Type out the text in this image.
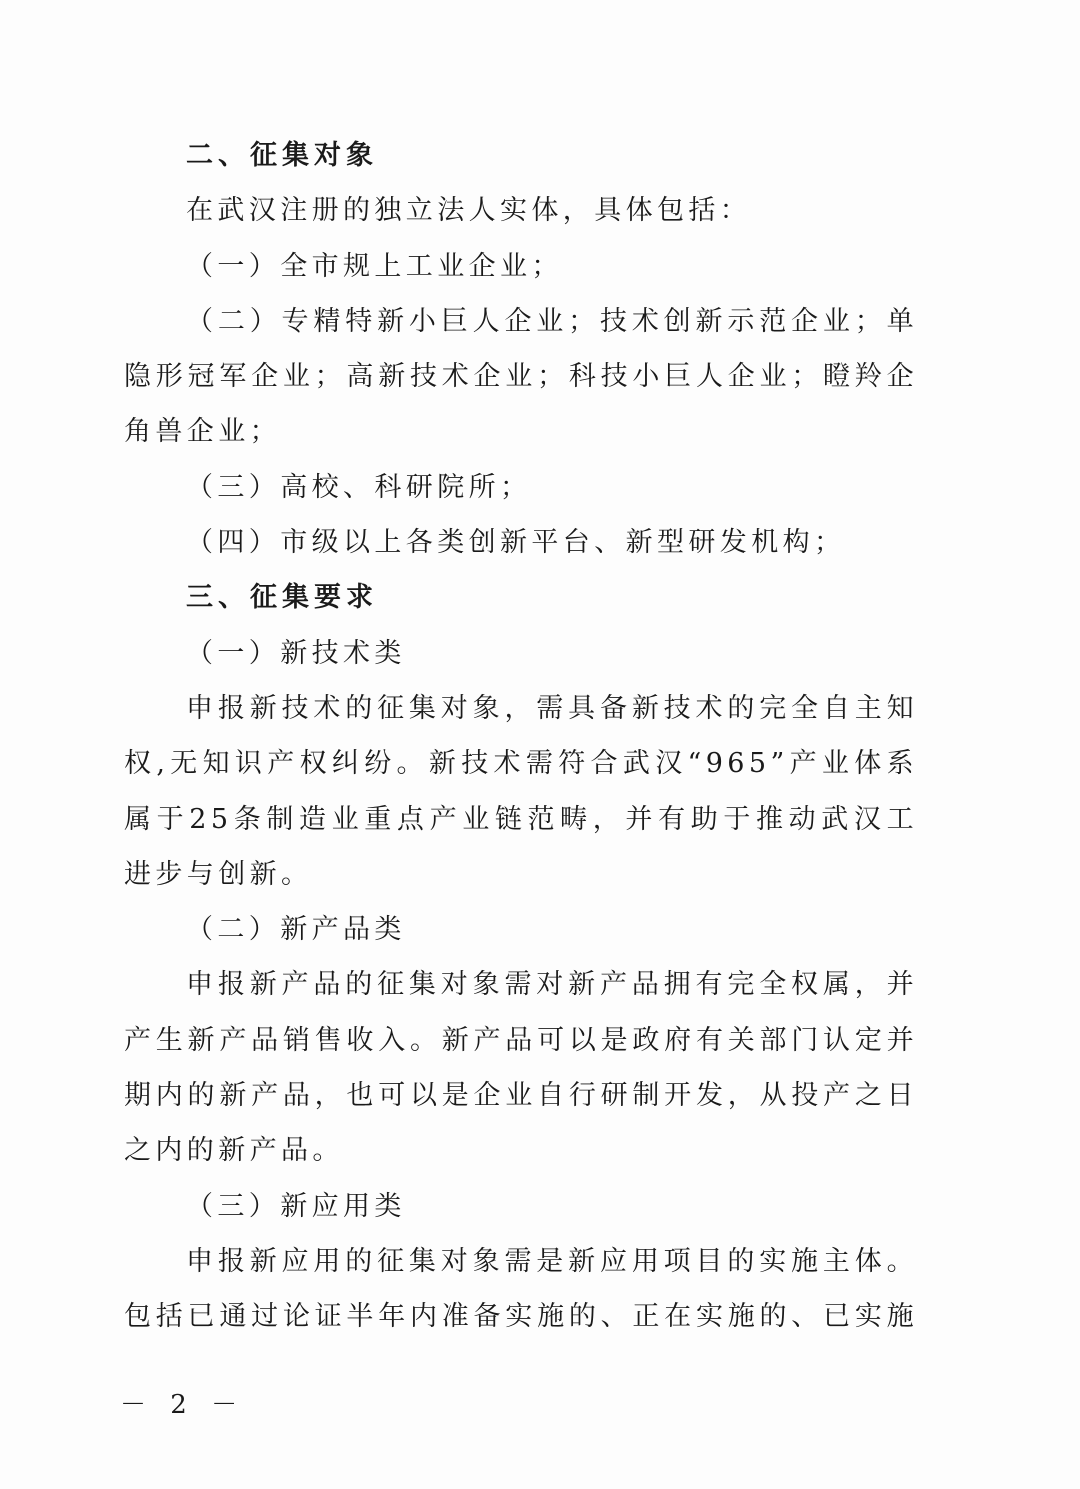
二、征集对象
在武汉注册的独立法人实体，具体包括：
（一）全市规上工业企业；
（二）专精特新小巨人企业；技术创新示范企业；单
隐形冠军企业；高新技术企业；科技小巨人企业；瞪羚企
角兽企业；
（三）高校、科研院所；
（四）市级以上各类创新平台、新型研发机构；
三、征集要求
（一）新技术类
申报新技术的征集对象，需具备新技术的完全自主知
权,无知识产权纠纷。新技术需符合武汉“965”产业体系
属于25条制造业重点产业链范畴，并有助于推动武汉工
进步与创新。
（二）新产品类
申报新产品的征集对象需对新产品拥有完全权属，并
产生新产品销售收入。新产品可以是政府有关部门认定并
期内的新产品，也可以是企业自行研制开发，从投产之日
之内的新产品。
（三）新应用类
申报新应用的征集对象需是新应用项目的实施主体。
包括已通过论证半年内准备实施的、正在实施的、已实施
－ 2 －
